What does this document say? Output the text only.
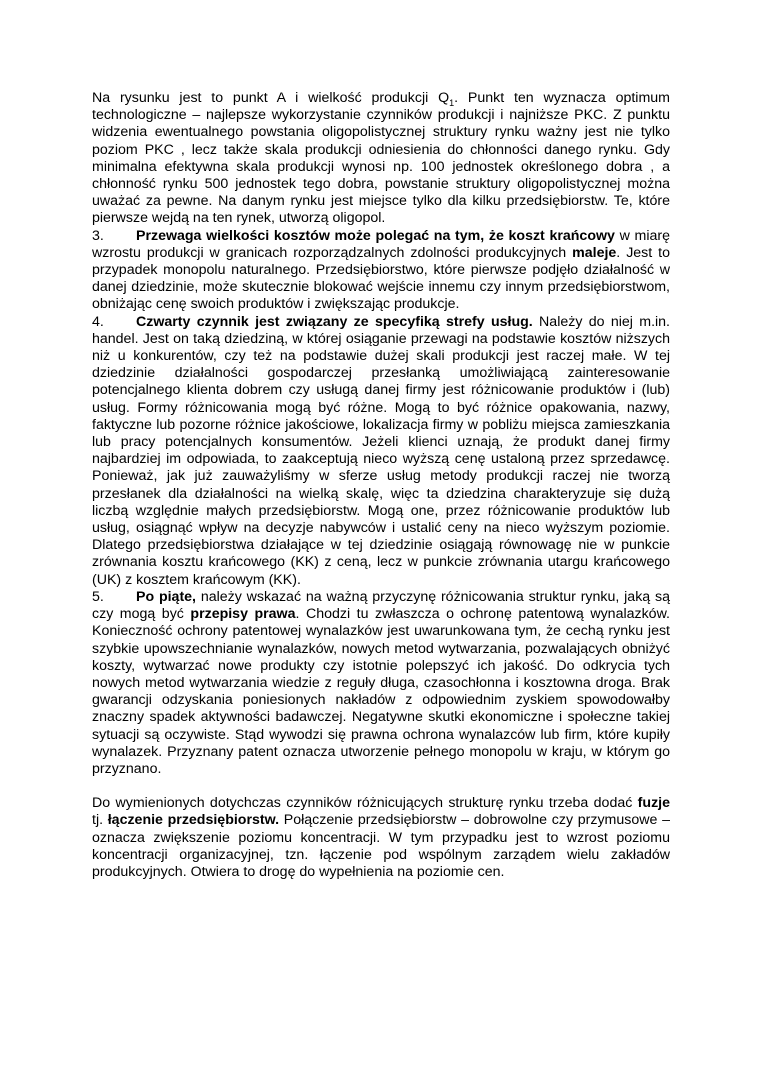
Na rysunku jest to punkt A i wielkość produkcji $Q_1$. Punkt ten wyznacza optimum technologiczne – najlepsze wykorzystanie czynników produkcji i najniższe PKC. Z punktu widzenia ewentualnego powstania oligopolistycznej struktury rynku ważny jest nie tylko poziom PKC , lecz także skala produkcji odniesienia do chłonności danego rynku. Gdy minimalna efektywna skala produkcji wynosi np. 100 jednostek określonego dobra , a chłonność rynku 500 jednostek tego dobra, powstanie struktury oligopolistycznej można uważać za pewne. Na danym rynku jest miejsce tylko dla kilku przedsiębiorstw. Te, które pierwsze wejdą na ten rynek, utworzą oligopol.

3. Przewaga wielkości kosztów może polegać na tym, że koszt krańcowy w miarę wzrostu produkcji w granicach rozporządzalnych zdolności produkcyjnych maleje. Jest to przypadek monopolu naturalnego. Przedsiębiorstwo, które pierwsze podjęło działalność w danej dziedzinie, może skutecznie blokować wejście innemu czy innym przedsiębiorstwom, obniżając cenę swoich produktów i zwiększając produkcje.

4. Czwarty czynnik jest związany ze specyfiką strefy usług. Należy do niej m.in. handel. Jest on taką dziedziną, w której osiąganie przewagi na podstawie kosztów niższych niż u konkurentów, czy też na podstawie dużej skali produkcji jest raczej małe. W tej dziedzinie działalności gospodarczej przesłanką umożliwiającą zainteresowanie potencjalnego klienta dobrem czy usługą danej firmy jest różnicowanie produktów i (lub) usług. Formy różnicowania mogą być różne. Mogą to być różnice opakowania, nazwy, faktyczne lub pozorne różnice jakościowe, lokalizacja firmy w pobliżu miejsca zamieszkania lub pracy potencjalnych konsumentów. Jeżeli klienci uznają, że produkt danej firmy najbardziej im odpowiada, to zaakceptują nieco wyższą cenę ustaloną przez sprzedawcę. Ponieważ, jak już zauważyliśmy w sferze usług metody produkcji raczej nie tworzą przesłanek dla działalności na wielką skalę, więc ta dziedzina charakteryzuje się dużą liczbą względnie małych przedsiębiorstw. Mogą one, przez różnicowanie produktów lub usług, osiągnąć wpływ na decyzje nabywców i ustalić ceny na nieco wyższym poziomie. Dlatego przedsiębiorstwa działające w tej dziedzinie osiągają równowagę nie w punkcie zrównania kosztu krańcowego (KK) z ceną, lecz w punkcie zrównania utargu krańcowego (UK) z kosztem krańcowym (KK).

5. Po piąte, należy wskazać na ważną przyczynę różnicowania struktur rynku, jaką są czy mogą być przepisy prawa. Chodzi tu zwłaszcza o ochronę patentową wynalazków. Konieczność ochrony patentowej wynalazków jest uwarunkowana tym, że cechą rynku jest szybkie upowszechnianie wynalazków, nowych metod wytwarzania, pozwalających obniżyć koszty, wytwarzać nowe produkty czy istotnie polepszyć ich jakość. Do odkrycia tych nowych metod wytwarzania wiedzie z reguły długa, czasochłonna i kosztowna droga. Brak gwarancji odzyskania poniesionych nakładów z odpowiednim zyskiem spowodowałby znaczny spadek aktywności badawczej. Negatywne skutki ekonomiczne i społeczne takiej sytuacji są oczywiste. Stąd wywodzi się prawna ochrona wynalazców lub firm, które kupiły wynalazek. Przyznany patent oznacza utworzenie pełnego monopolu w kraju, w którym go przyznano.

Do wymienionych dotychczas czynników różnicujących strukturę rynku trzeba dodać fuzje tj. łączenie przedsiębiorstw. Połączenie przedsiębiorstw – dobrowolne czy przymusowe – oznacza zwiększenie poziomu koncentracji. W tym przypadku jest to wzrost poziomu koncentracji organizacyjnej, tzn. łączenie pod wspólnym zarządem wielu zakładów produkcyjnych. Otwiera to drogę do wypełnienia na poziomie cen.
